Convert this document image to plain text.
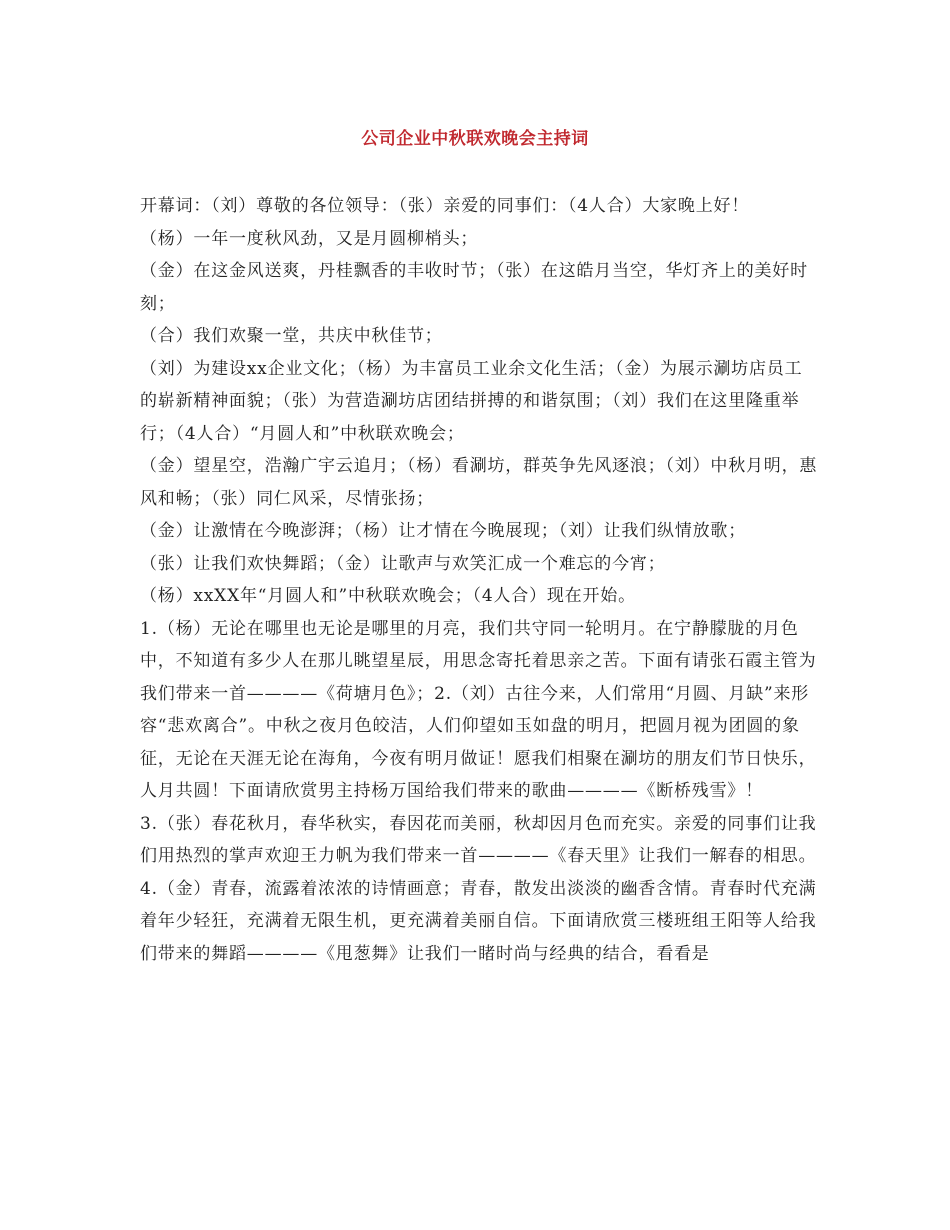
公司企业中秋联欢晚会主持词

开幕词：（刘）尊敬的各位领导：（张）亲爱的同事们：（4人合）大家晚上好！

（杨）一年一度秋风劲，又是月圆柳梢头；

（金）在这金风送爽，丹桂飘香的丰收时节；（张）在这皓月当空，华灯齐上的美好时刻；

（合）我们欢聚一堂，共庆中秋佳节；

（刘）为建设xx企业文化；（杨）为丰富员工业余文化生活；（金）为展示涮坊店员工的崭新精神面貌；（张）为营造涮坊店团结拼搏的和谐氛围；（刘）我们在这里隆重举行；（4人合）“月圆人和”中秋联欢晚会；

（金）望星空，浩瀚广宇云追月；（杨）看涮坊，群英争先风逐浪；（刘）中秋月明，惠风和畅；（张）同仁风采，尽情张扬；

（金）让激情在今晚澎湃；（杨）让才情在今晚展现；（刘）让我们纵情放歌；

（张）让我们欢快舞蹈；（金）让歌声与欢笑汇成一个难忘的今宵；

（杨）xxXX年“月圆人和”中秋联欢晚会；（4人合）现在开始。

1.（杨）无论在哪里也无论是哪里的月亮，我们共守同一轮明月。在宁静朦胧的月色中，不知道有多少人在那儿眺望星辰，用思念寄托着思亲之苦。下面有请张石霞主管为我们带来一首————《荷塘月色》；2.（刘）古往今来，人们常用“月圆、月缺”来形容“悲欢离合”。中秋之夜月色皎洁，人们仰望如玉如盘的明月，把圆月视为团圆的象征，无论在天涯无论在海角，今夜有明月做证！愿我们相聚在涮坊的朋友们节日快乐，人月共圆！下面请欣赏男主持杨万国给我们带来的歌曲————《断桥残雪》！

3.（张）春花秋月，春华秋实，春因花而美丽，秋却因月色而充实。亲爱的同事们让我们用热烈的掌声欢迎王力帆为我们带来一首————《春天里》让我们一解春的相思。

4.（金）青春，流露着浓浓的诗情画意；青春，散发出淡淡的幽香含情。青春时代充满着年少轻狂，充满着无限生机，更充满着美丽自信。下面请欣赏三楼班组王阳等人给我们带来的舞蹈————《甩葱舞》让我们一睹时尚与经典的结合，看看是
